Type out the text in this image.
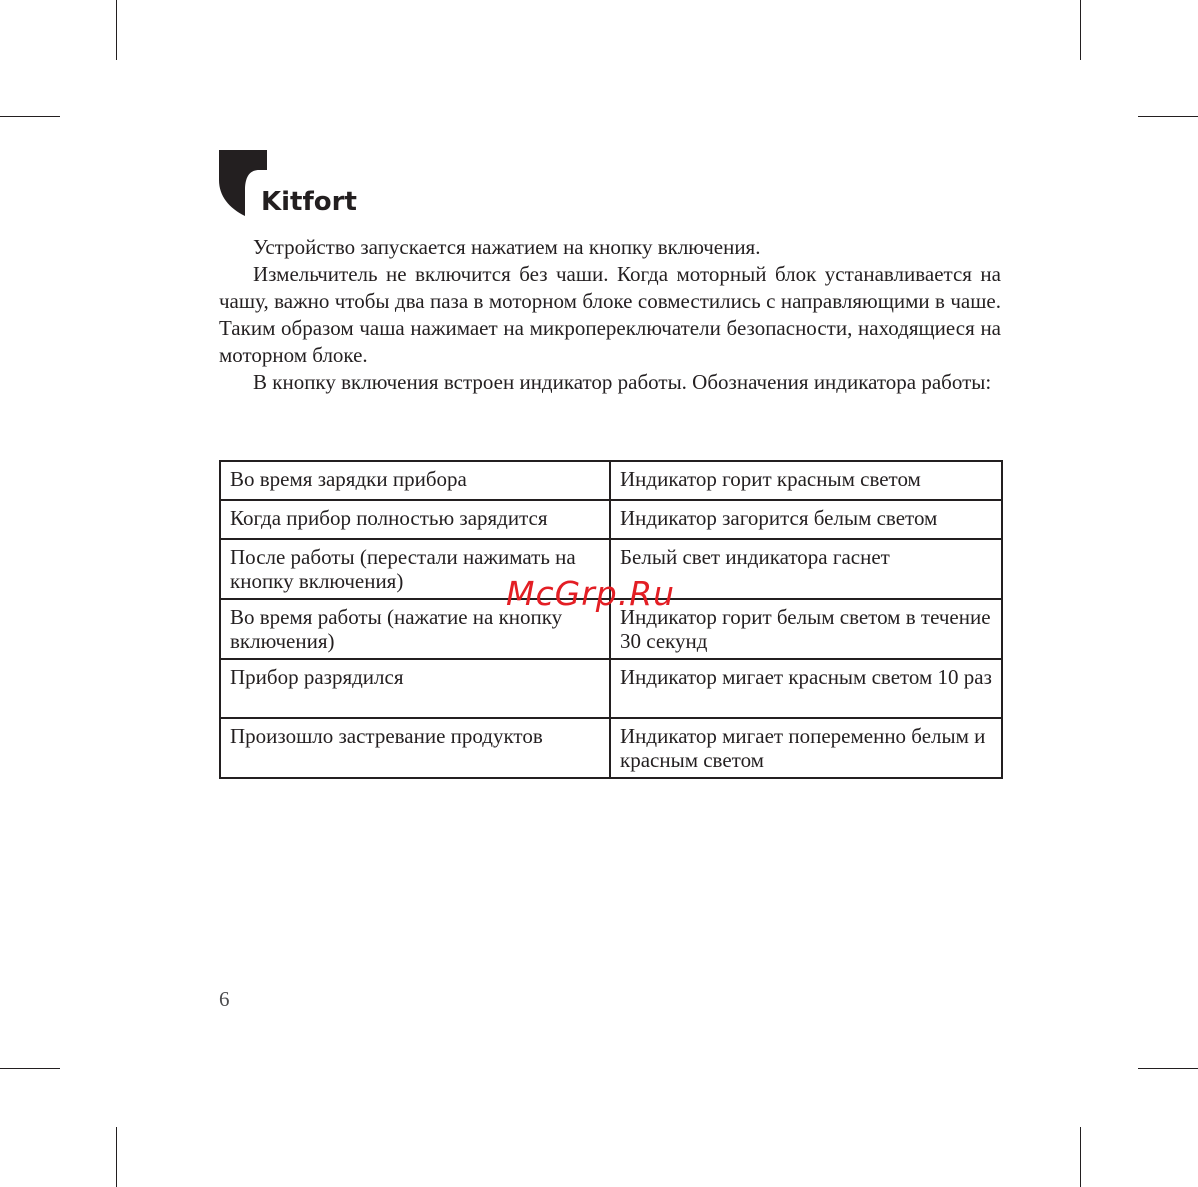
Kitfort

Устройство запускается нажатием на кнопку включения.

Измельчитель не включится без чаши. Когда моторный блок устанавливается на чашу, важно чтобы два паза в моторном блоке совместились с направляющими в чаше. Таким образом чаша нажимает на микропереключатели безопасности, находящиеся на моторном блоке.

В кнопку включения встроен индикатор работы. Обозначения индикатора работы:

Во время зарядки прибора	Индикатор горит красным светом
Когда прибор полностью зарядится	Индикатор загорится белым светом
После работы (перестали нажимать на кнопку включения)	Белый свет индикатора гаснет
Во время работы (нажатие на кнопку включения)	Индикатор горит белым светом в течение 30 секунд
Прибор разрядился	Индикатор мигает красным светом 10 раз
Произошло застревание продуктов	Индикатор мигает попеременно белым и красным светом
McGrp.Ru
6
